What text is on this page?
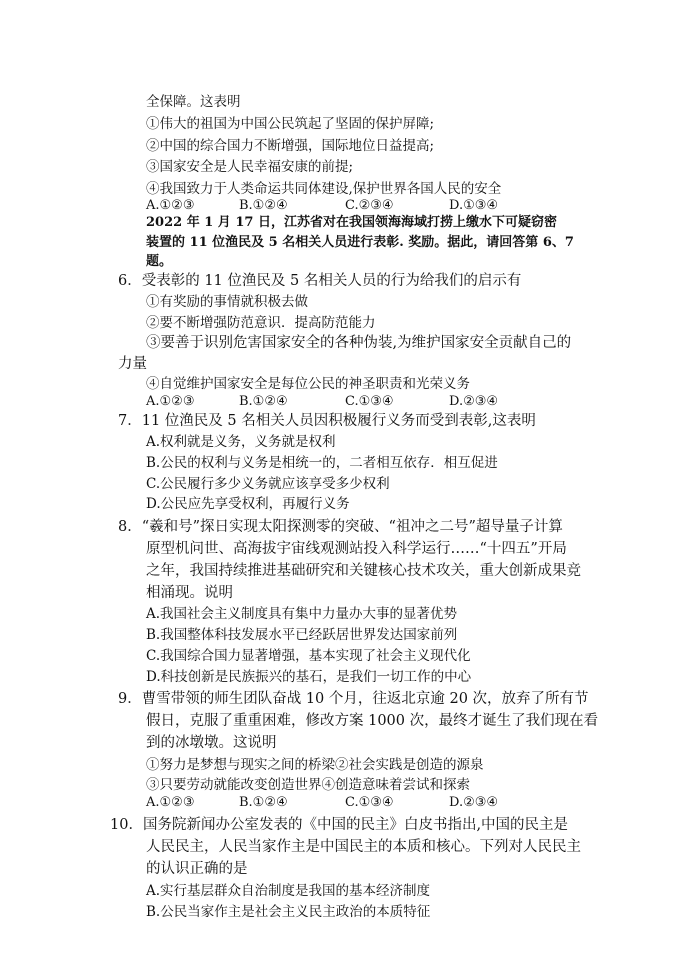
全保障。这表明
①伟大的祖国为中国公民筑起了坚固的保护屏障;
②中国的综合国力不断增强，国际地位日益提高;
③国家安全是人民幸福安康的前提;
④我国致力于人类命运共同体建设,保护世界各国人民的安全
A.①②③	B.①②④	C.②③④	D.①③④
2022 年 1 月 17 日，江苏省对在我国领海海域打捞上缴水下可疑窃密
装置的 11 位渔民及 5 名相关人员进行表彰. 奖励。据此，请回答第 6、7
题。
6．受表彰的 11 位渔民及 5 名相关人员的行为给我们的启示有
①有奖励的事情就积极去做
②要不断增强防范意识．提高防范能力
③要善于识别危害国家安全的各种伪装,为维护国家安全贡献自己的
力量
④自觉维护国家安全是每位公民的神圣职责和光荣义务
A.①②③	B.①②④	C.①③④	D.②③④
7．11 位渔民及 5 名相关人员因积极履行义务而受到表彰,这表明
A.权利就是义务，义务就是权利
B.公民的权利与义务是相统一的，二者相互依存．相互促进
C.公民履行多少义务就应该享受多少权利
D.公民应先享受权利，再履行义务
8．“羲和号”探日实现太阳探测零的突破、“祖冲之二号”超导量子计算
原型机问世、高海拔宇宙线观测站投入科学运行……“十四五”开局
之年，我国持续推进基础研究和关键核心技术攻关，重大创新成果竞
相涌现。说明
A.我国社会主义制度具有集中力量办大事的显著优势
B.我国整体科技发展水平已经跃居世界发达国家前列
C.我国综合国力显著增强，基本实现了社会主义现代化
D.科技创新是民族振兴的基石，是我们一切工作的中心
9．曹雪带领的师生团队奋战 10 个月，往返北京逾 20 次，放弃了所有节
假日，克服了重重困难，修改方案 1000 次，最终才诞生了我们现在看
到的冰墩墩。这说明
①努力是梦想与现实之间的桥梁②社会实践是创造的源泉
③只要劳动就能改变创造世界④创造意味着尝试和探索
A.①②③	B.①②④	C.①③④	D.②③④
10．国务院新闻办公室发表的《中国的民主》白皮书指出,中国的民主是
人民民主，人民当家作主是中国民主的本质和核心。下列对人民民主
的认识正确的是
A.实行基层群众自治制度是我国的基本经济制度
B.公民当家作主是社会主义民主政治的本质特征
